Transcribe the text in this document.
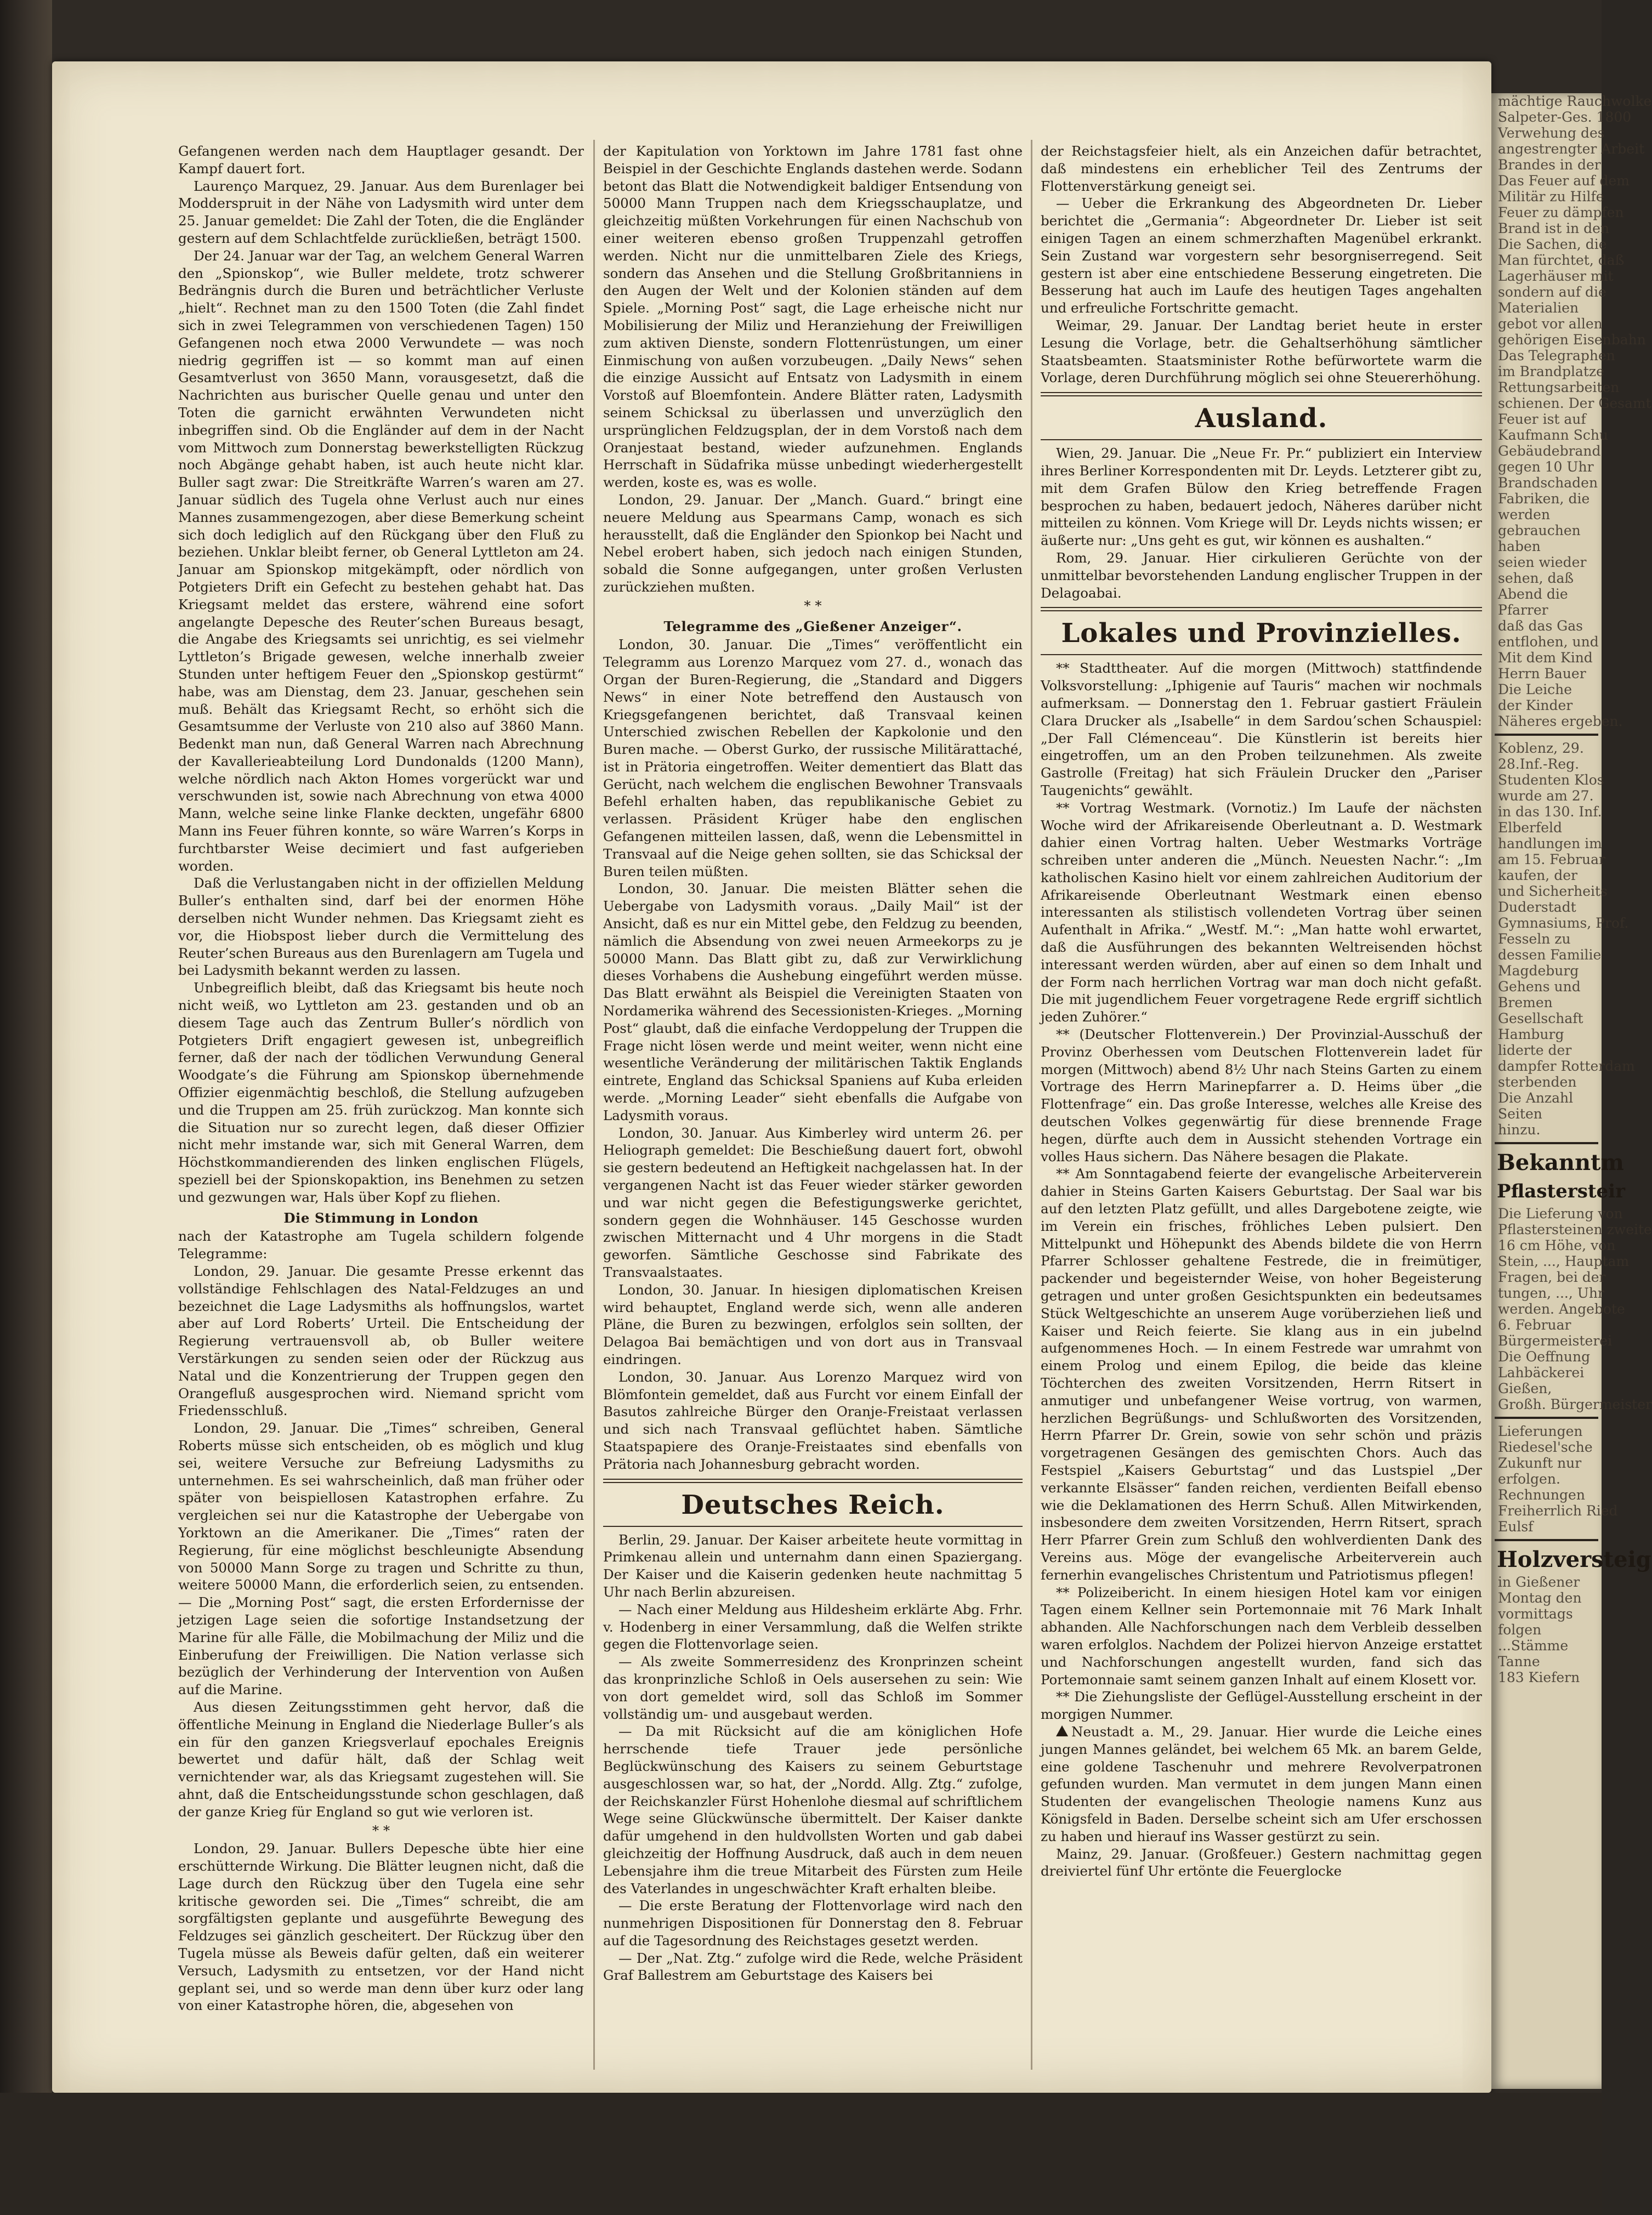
Gefangenen werden nach dem Hauptlager gesandt. Der Kampf dauert fort.

Laurenço Marquez, 29. Januar. Aus dem Burenlager bei Modderspruit in der Nähe von Ladysmith wird unter dem 25. Januar gemeldet: Die Zahl der Toten, die die Engländer gestern auf dem Schlachtfelde zurückließen, beträgt 1500.

Der 24. Januar war der Tag, an welchem General Warren den „Spionskop“, wie Buller meldete, trotz schwerer Bedrängnis durch die Buren und beträchtlicher Verluste „hielt“. Rechnet man zu den 1500 Toten (die Zahl findet sich in zwei Telegrammen von verschiedenen Tagen) 150 Gefangenen noch etwa 2000 Verwundete — was noch niedrig gegriffen ist — so kommt man auf einen Gesamtverlust von 3650 Mann, vorausgesetzt, daß die Nachrichten aus burischer Quelle genau und unter den Toten die garnicht erwähnten Verwundeten nicht inbegriffen sind. Ob die Engländer auf dem in der Nacht vom Mittwoch zum Donnerstag bewerkstelligten Rückzug noch Abgänge gehabt haben, ist auch heute nicht klar. Buller sagt zwar: Die Streitkräfte Warren’s waren am 27. Januar südlich des Tugela ohne Verlust auch nur eines Mannes zusammengezogen, aber diese Bemerkung scheint sich doch lediglich auf den Rückgang über den Fluß zu beziehen. Unklar bleibt ferner, ob General Lyttleton am 24. Januar am Spionskop mitgekämpft, oder nördlich von Potgieters Drift ein Gefecht zu bestehen gehabt hat. Das Kriegsamt meldet das erstere, während eine sofort angelangte Depesche des Reuter’schen Bureaus besagt, die Angabe des Kriegsamts sei unrichtig, es sei vielmehr Lyttleton’s Brigade gewesen, welche innerhalb zweier Stunden unter heftigem Feuer den „Spionskop gestürmt“ habe, was am Dienstag, dem 23. Januar, geschehen sein muß. Behält das Kriegsamt Recht, so erhöht sich die Gesamtsumme der Verluste von 210 also auf 3860 Mann. Bedenkt man nun, daß General Warren nach Abrechnung der Kavallerieabteilung Lord Dundonalds (1200 Mann), welche nördlich nach Akton Homes vorgerückt war und verschwunden ist, sowie nach Abrechnung von etwa 4000 Mann, welche seine linke Flanke deckten, ungefähr 6800 Mann ins Feuer führen konnte, so wäre Warren’s Korps in furchtbarster Weise decimiert und fast aufgerieben worden.

Daß die Verlustangaben nicht in der offiziellen Meldung Buller’s enthalten sind, darf bei der enormen Höhe derselben nicht Wunder nehmen. Das Kriegsamt zieht es vor, die Hiobspost lieber durch die Vermittelung des Reuter’schen Bureaus aus den Burenlagern am Tugela und bei Ladysmith bekannt werden zu lassen.

Unbegreiflich bleibt, daß das Kriegsamt bis heute noch nicht weiß, wo Lyttleton am 23. gestanden und ob an diesem Tage auch das Zentrum Buller’s nördlich von Potgieters Drift engagiert gewesen ist, unbegreiflich ferner, daß der nach der tödlichen Verwundung General Woodgate’s die Führung am Spionskop übernehmende Offizier eigenmächtig beschloß, die Stellung aufzugeben und die Truppen am 25. früh zurückzog. Man konnte sich die Situation nur so zurecht legen, daß dieser Offizier nicht mehr imstande war, sich mit General Warren, dem Höchstkommandierenden des linken englischen Flügels, speziell bei der Spionskopaktion, ins Benehmen zu setzen und gezwungen war, Hals über Kopf zu fliehen.

Die Stimmung in London

nach der Katastrophe am Tugela schildern folgende Telegramme:

London, 29. Januar. Die gesamte Presse erkennt das vollständige Fehlschlagen des Natal-Feldzuges an und bezeichnet die Lage Ladysmiths als hoffnungslos, wartet aber auf Lord Roberts’ Urteil. Die Entscheidung der Regierung vertrauensvoll ab, ob Buller weitere Verstärkungen zu senden seien oder der Rückzug aus Natal und die Konzentrierung der Truppen gegen den Orangefluß ausgesprochen wird. Niemand spricht vom Friedensschluß.

London, 29. Januar. Die „Times“ schreiben, General Roberts müsse sich entscheiden, ob es möglich und klug sei, weitere Versuche zur Befreiung Ladysmiths zu unternehmen. Es sei wahrscheinlich, daß man früher oder später von beispiellosen Katastrophen erfahre. Zu vergleichen sei nur die Katastrophe der Uebergabe von Yorktown an die Amerikaner. Die „Times“ raten der Regierung, für eine möglichst beschleunigte Absendung von 50000 Mann Sorge zu tragen und Schritte zu thun, weitere 50000 Mann, die erforderlich seien, zu entsenden. — Die „Morning Post“ sagt, die ersten Erfordernisse der jetzigen Lage seien die sofortige Instandsetzung der Marine für alle Fälle, die Mobilmachung der Miliz und die Einberufung der Freiwilligen. Die Nation verlasse sich bezüglich der Verhinderung der Intervention von Außen auf die Marine.

Aus diesen Zeitungsstimmen geht hervor, daß die öffentliche Meinung in England die Niederlage Buller’s als ein für den ganzen Kriegsverlauf epochales Ereignis bewertet und dafür hält, daß der Schlag weit vernichtender war, als das Kriegsamt zugestehen will. Sie ahnt, daß die Entscheidungsstunde schon geschlagen, daß der ganze Krieg für England so gut wie verloren ist.

* *

London, 29. Januar. Bullers Depesche übte hier eine erschütternde Wirkung. Die Blätter leugnen nicht, daß die Lage durch den Rückzug über den Tugela eine sehr kritische geworden sei. Die „Times“ schreibt, die am sorgfältigsten geplante und ausgeführte Bewegung des Feldzuges sei gänzlich gescheitert. Der Rückzug über den Tugela müsse als Beweis dafür gelten, daß ein weiterer Versuch, Ladysmith zu entsetzen, vor der Hand nicht geplant sei, und so werde man denn über kurz oder lang von einer Katastrophe hören, die, abgesehen von

der Kapitulation von Yorktown im Jahre 1781 fast ohne Beispiel in der Geschichte Englands dastehen werde. Sodann betont das Blatt die Notwendigkeit baldiger Entsendung von 50000 Mann Truppen nach dem Kriegsschauplatze, und gleichzeitig müßten Vorkehrungen für einen Nachschub von einer weiteren ebenso großen Truppenzahl getroffen werden. Nicht nur die unmittelbaren Ziele des Kriegs, sondern das Ansehen und die Stellung Großbritanniens in den Augen der Welt und der Kolonien ständen auf dem Spiele. „Morning Post“ sagt, die Lage erheische nicht nur Mobilisierung der Miliz und Heranziehung der Freiwilligen zum aktiven Dienste, sondern Flottenrüstungen, um einer Einmischung von außen vorzubeugen. „Daily News“ sehen die einzige Aussicht auf Entsatz von Ladysmith in einem Vorstoß auf Bloemfontein. Andere Blätter raten, Ladysmith seinem Schicksal zu überlassen und unverzüglich den ursprünglichen Feldzugsplan, der in dem Vorstoß nach dem Oranjestaat bestand, wieder aufzunehmen. Englands Herrschaft in Südafrika müsse unbedingt wiederhergestellt werden, koste es, was es wolle.

London, 29. Januar. Der „Manch. Guard.“ bringt eine neuere Meldung aus Spearmans Camp, wonach es sich herausstellt, daß die Engländer den Spionkop bei Nacht und Nebel erobert haben, sich jedoch nach einigen Stunden, sobald die Sonne aufgegangen, unter großen Verlusten zurückziehen mußten.

* *

Telegramme des „Gießener Anzeiger“.

London, 30. Januar. Die „Times“ veröffentlicht ein Telegramm aus Lorenzo Marquez vom 27. d., wonach das Organ der Buren-Regierung, die „Standard and Diggers News“ in einer Note betreffend den Austausch von Kriegsgefangenen berichtet, daß Transvaal keinen Unterschied zwischen Rebellen der Kapkolonie und den Buren mache. — Oberst Gurko, der russische Militärattaché, ist in Prätoria eingetroffen. Weiter dementiert das Blatt das Gerücht, nach welchem die englischen Bewohner Transvaals Befehl erhalten haben, das republikanische Gebiet zu verlassen. Präsident Krüger habe den englischen Gefangenen mitteilen lassen, daß, wenn die Lebensmittel in Transvaal auf die Neige gehen sollten, sie das Schicksal der Buren teilen müßten.

London, 30. Januar. Die meisten Blätter sehen die Uebergabe von Ladysmith voraus. „Daily Mail“ ist der Ansicht, daß es nur ein Mittel gebe, den Feldzug zu beenden, nämlich die Absendung von zwei neuen Armeekorps zu je 50000 Mann. Das Blatt gibt zu, daß zur Verwirklichung dieses Vorhabens die Aushebung eingeführt werden müsse. Das Blatt erwähnt als Beispiel die Vereinigten Staaten von Nordamerika während des Secessionisten-Krieges. „Morning Post“ glaubt, daß die einfache Verdoppelung der Truppen die Frage nicht lösen werde und meint weiter, wenn nicht eine wesentliche Veränderung der militärischen Taktik Englands eintrete, England das Schicksal Spaniens auf Kuba erleiden werde. „Morning Leader“ sieht ebenfalls die Aufgabe von Ladysmith voraus.

London, 30. Januar. Aus Kimberley wird unterm 26. per Heliograph gemeldet: Die Beschießung dauert fort, obwohl sie gestern bedeutend an Heftigkeit nachgelassen hat. In der vergangenen Nacht ist das Feuer wieder stärker geworden und war nicht gegen die Befestigungswerke gerichtet, sondern gegen die Wohnhäuser. 145 Geschosse wurden zwischen Mitternacht und 4 Uhr morgens in die Stadt geworfen. Sämtliche Geschosse sind Fabrikate des Transvaalstaates.

London, 30. Januar. In hiesigen diplomatischen Kreisen wird behauptet, England werde sich, wenn alle anderen Pläne, die Buren zu bezwingen, erfolglos sein sollten, der Delagoa Bai bemächtigen und von dort aus in Transvaal eindringen.

London, 30. Januar. Aus Lorenzo Marquez wird von Blömfontein gemeldet, daß aus Furcht vor einem Einfall der Basutos zahlreiche Bürger den Oranje-Freistaat verlassen und sich nach Transvaal geflüchtet haben. Sämtliche Staatspapiere des Oranje-Freistaates sind ebenfalls von Prätoria nach Johannesburg gebracht worden.

Deutsches Reich.

Berlin, 29. Januar. Der Kaiser arbeitete heute vormittag in Primkenau allein und unternahm dann einen Spaziergang. Der Kaiser und die Kaiserin gedenken heute nachmittag 5 Uhr nach Berlin abzureisen.

— Nach einer Meldung aus Hildesheim erklärte Abg. Frhr. v. Hodenberg in einer Versammlung, daß die Welfen strikte gegen die Flottenvorlage seien.

— Als zweite Sommerresidenz des Kronprinzen scheint das kronprinzliche Schloß in Oels ausersehen zu sein: Wie von dort gemeldet wird, soll das Schloß im Sommer vollständig um- und ausgebaut werden.

— Da mit Rücksicht auf die am königlichen Hofe herrschende tiefe Trauer jede persönliche Beglückwünschung des Kaisers zu seinem Geburtstage ausgeschlossen war, so hat, der „Nordd. Allg. Ztg.“ zufolge, der Reichskanzler Fürst Hohenlohe diesmal auf schriftlichem Wege seine Glückwünsche übermittelt. Der Kaiser dankte dafür umgehend in den huldvollsten Worten und gab dabei gleichzeitig der Hoffnung Ausdruck, daß auch in dem neuen Lebensjahre ihm die treue Mitarbeit des Fürsten zum Heile des Vaterlandes in ungeschwächter Kraft erhalten bleibe.

— Die erste Beratung der Flottenvorlage wird nach den nunmehrigen Dispositionen für Donnerstag den 8. Februar auf die Tagesordnung des Reichstages gesetzt werden.

— Der „Nat. Ztg.“ zufolge wird die Rede, welche Präsident Graf Ballestrem am Geburtstage des Kaisers bei

der Reichstagsfeier hielt, als ein Anzeichen dafür betrachtet, daß mindestens ein erheblicher Teil des Zentrums der Flottenverstärkung geneigt sei.

— Ueber die Erkrankung des Abgeordneten Dr. Lieber berichtet die „Germania“: Abgeordneter Dr. Lieber ist seit einigen Tagen an einem schmerzhaften Magenübel erkrankt. Sein Zustand war vorgestern sehr besorgniserregend. Seit gestern ist aber eine entschiedene Besserung eingetreten. Die Besserung hat auch im Laufe des heutigen Tages angehalten und erfreuliche Fortschritte gemacht.

Weimar, 29. Januar. Der Landtag beriet heute in erster Lesung die Vorlage, betr. die Gehaltserhöhung sämtlicher Staatsbeamten. Staatsminister Rothe befürwortete warm die Vorlage, deren Durchführung möglich sei ohne Steuererhöhung.

Ausland.

Wien, 29. Januar. Die „Neue Fr. Pr.“ publiziert ein Interview ihres Berliner Korrespondenten mit Dr. Leyds. Letzterer gibt zu, mit dem Grafen Bülow den Krieg betreffende Fragen besprochen zu haben, bedauert jedoch, Näheres darüber nicht mitteilen zu können. Vom Kriege will Dr. Leyds nichts wissen; er äußerte nur: „Uns geht es gut, wir können es aushalten.“

Rom, 29. Januar. Hier cirkulieren Gerüchte von der unmittelbar bevorstehenden Landung englischer Truppen in der Delagoabai.

Lokales und Provinzielles.

** Stadttheater. Auf die morgen (Mittwoch) stattfindende Volksvorstellung: „Iphigenie auf Tauris“ machen wir nochmals aufmerksam. — Donnerstag den 1. Februar gastiert Fräulein Clara Drucker als „Isabelle“ in dem Sardou’schen Schauspiel: „Der Fall Clémenceau“. Die Künstlerin ist bereits hier eingetroffen, um an den Proben teilzunehmen. Als zweite Gastrolle (Freitag) hat sich Fräulein Drucker den „Pariser Taugenichts“ gewählt.

** Vortrag Westmark. (Vornotiz.) Im Laufe der nächsten Woche wird der Afrikareisende Oberleutnant a. D. Westmark dahier einen Vortrag halten. Ueber Westmarks Vorträge schreiben unter anderen die „Münch. Neuesten Nachr.“: „Im katholischen Kasino hielt vor einem zahlreichen Auditorium der Afrikareisende Oberleutnant Westmark einen ebenso interessanten als stilistisch vollendeten Vortrag über seinen Aufenthalt in Afrika.“ „Westf. M.“: „Man hatte wohl erwartet, daß die Ausführungen des bekannten Weltreisenden höchst interessant werden würden, aber auf einen so dem Inhalt und der Form nach herrlichen Vortrag war man doch nicht gefaßt. Die mit jugendlichem Feuer vorgetragene Rede ergriff sichtlich jeden Zuhörer.“

** (Deutscher Flottenverein.) Der Provinzial-Ausschuß der Provinz Oberhessen vom Deutschen Flottenverein ladet für morgen (Mittwoch) abend 8½ Uhr nach Steins Garten zu einem Vortrage des Herrn Marinepfarrer a. D. Heims über „die Flottenfrage“ ein. Das große Interesse, welches alle Kreise des deutschen Volkes gegenwärtig für diese brennende Frage hegen, dürfte auch dem in Aussicht stehenden Vortrage ein volles Haus sichern. Das Nähere besagen die Plakate.

** Am Sonntagabend feierte der evangelische Arbeiterverein dahier in Steins Garten Kaisers Geburtstag. Der Saal war bis auf den letzten Platz gefüllt, und alles Dargebotene zeigte, wie im Verein ein frisches, fröhliches Leben pulsiert. Den Mittelpunkt und Höhepunkt des Abends bildete die von Herrn Pfarrer Schlosser gehaltene Festrede, die in freimütiger, packender und begeisternder Weise, von hoher Begeisterung getragen und unter großen Gesichtspunkten ein bedeutsames Stück Weltgeschichte an unserem Auge vorüberziehen ließ und Kaiser und Reich feierte. Sie klang aus in ein jubelnd aufgenommenes Hoch. — In einem Festrede war umrahmt von einem Prolog und einem Epilog, die beide das kleine Töchterchen des zweiten Vorsitzenden, Herrn Ritsert in anmutiger und unbefangener Weise vortrug, von warmen, herzlichen Begrüßungs- und Schlußworten des Vorsitzenden, Herrn Pfarrer Dr. Grein, sowie von sehr schön und präzis vorgetragenen Gesängen des gemischten Chors. Auch das Festspiel „Kaisers Geburtstag“ und das Lustspiel „Der verkannte Elsässer“ fanden reichen, verdienten Beifall ebenso wie die Deklamationen des Herrn Schuß. Allen Mitwirkenden, insbesondere dem zweiten Vorsitzenden, Herrn Ritsert, sprach Herr Pfarrer Grein zum Schluß den wohlverdienten Dank des Vereins aus. Möge der evangelische Arbeiterverein auch fernerhin evangelisches Christentum und Patriotismus pflegen!

** Polizeibericht. In einem hiesigen Hotel kam vor einigen Tagen einem Kellner sein Portemonnaie mit 76 Mark Inhalt abhanden. Alle Nachforschungen nach dem Verbleib desselben waren erfolglos. Nachdem der Polizei hiervon Anzeige erstattet und Nachforschungen angestellt wurden, fand sich das Portemonnaie samt seinem ganzen Inhalt auf einem Klosett vor.

** Die Ziehungsliste der Geflügel-Ausstellung erscheint in der morgigen Nummer.

Neustadt a. M., 29. Januar. Hier wurde die Leiche eines jungen Mannes geländet, bei welchem 65 Mk. an barem Gelde, eine goldene Taschenuhr und mehrere Revolverpatronen gefunden wurden. Man vermutet in dem jungen Mann einen Studenten der evangelischen Theologie namens Kunz aus Königsfeld in Baden. Derselbe scheint sich am Ufer erschossen zu haben und hierauf ins Wasser gestürzt zu sein.

Mainz, 29. Januar. (Großfeuer.) Gestern nachmittag gegen dreiviertel fünf Uhr ertönte die Feuerglocke

mächtige Rauchwolke
Salpeter-Ges. 1800
Verwehung des
angestrengter Arbeit
Brandes in der
Das Feuer auf dem
Militär zu Hilfe
Feuer zu dämpfen
Brand ist in den
Die Sachen, die
Man fürchtet, daß
Lagerhäuser mit
sondern auf die
Materialien
gebot vor allen
gehörigen Eisenbahn
Das Telegraphen
im Brandplatze
Rettungsarbeiten
schienen. Der Gesamt
Feuer ist auf
Kaufmann Schu
Gebäudebrand
gegen 10 Uhr
Brandschaden
Fabriken, die
werden
gebrauchen
haben
seien wieder
sehen, daß
Abend die
Pfarrer
daß das Gas
entflohen, und
Mit dem Kind
Herrn Bauer
Die Leiche
der Kinder
Näheres ergeben.
Koblenz, 29.
28.Inf.-Reg.
Studenten Klos
wurde am 27.
in das 130. Inf.
Elberfeld
handlungen im
am 15. Februar
kaufen, der
und Sicherheits
Duderstadt
Gymnasiums, Prof.
Fesseln zu
dessen Familie
Magdeburg
Gehens und
Bremen
Gesellschaft
Hamburg
liderte der
dampfer Rotterdam
sterbenden
Die Anzahl
Seiten
hinzu.
Bekanntm
Pflastersteir
Die Lieferung von
Pflastersteinen zweite
16 cm Höhe, von
Stein, ..., Hauptam
Fragen, bei der
tungen, ..., Uhr
werden. Angebote
6. Februar
Bürgermeisterei
Die Oeffnung
Lahbäckerei
Gießen,
Großh. Bürgermeister
Lieferungen
Riedesel'sche
Zukunft nur
erfolgen.
Rechnungen
Freiherrlich Ried
Eulsf
Holzversteig
in Gießener
Montag den
vormittags
folgen
...Stämme
Tanne
183 Kiefern
